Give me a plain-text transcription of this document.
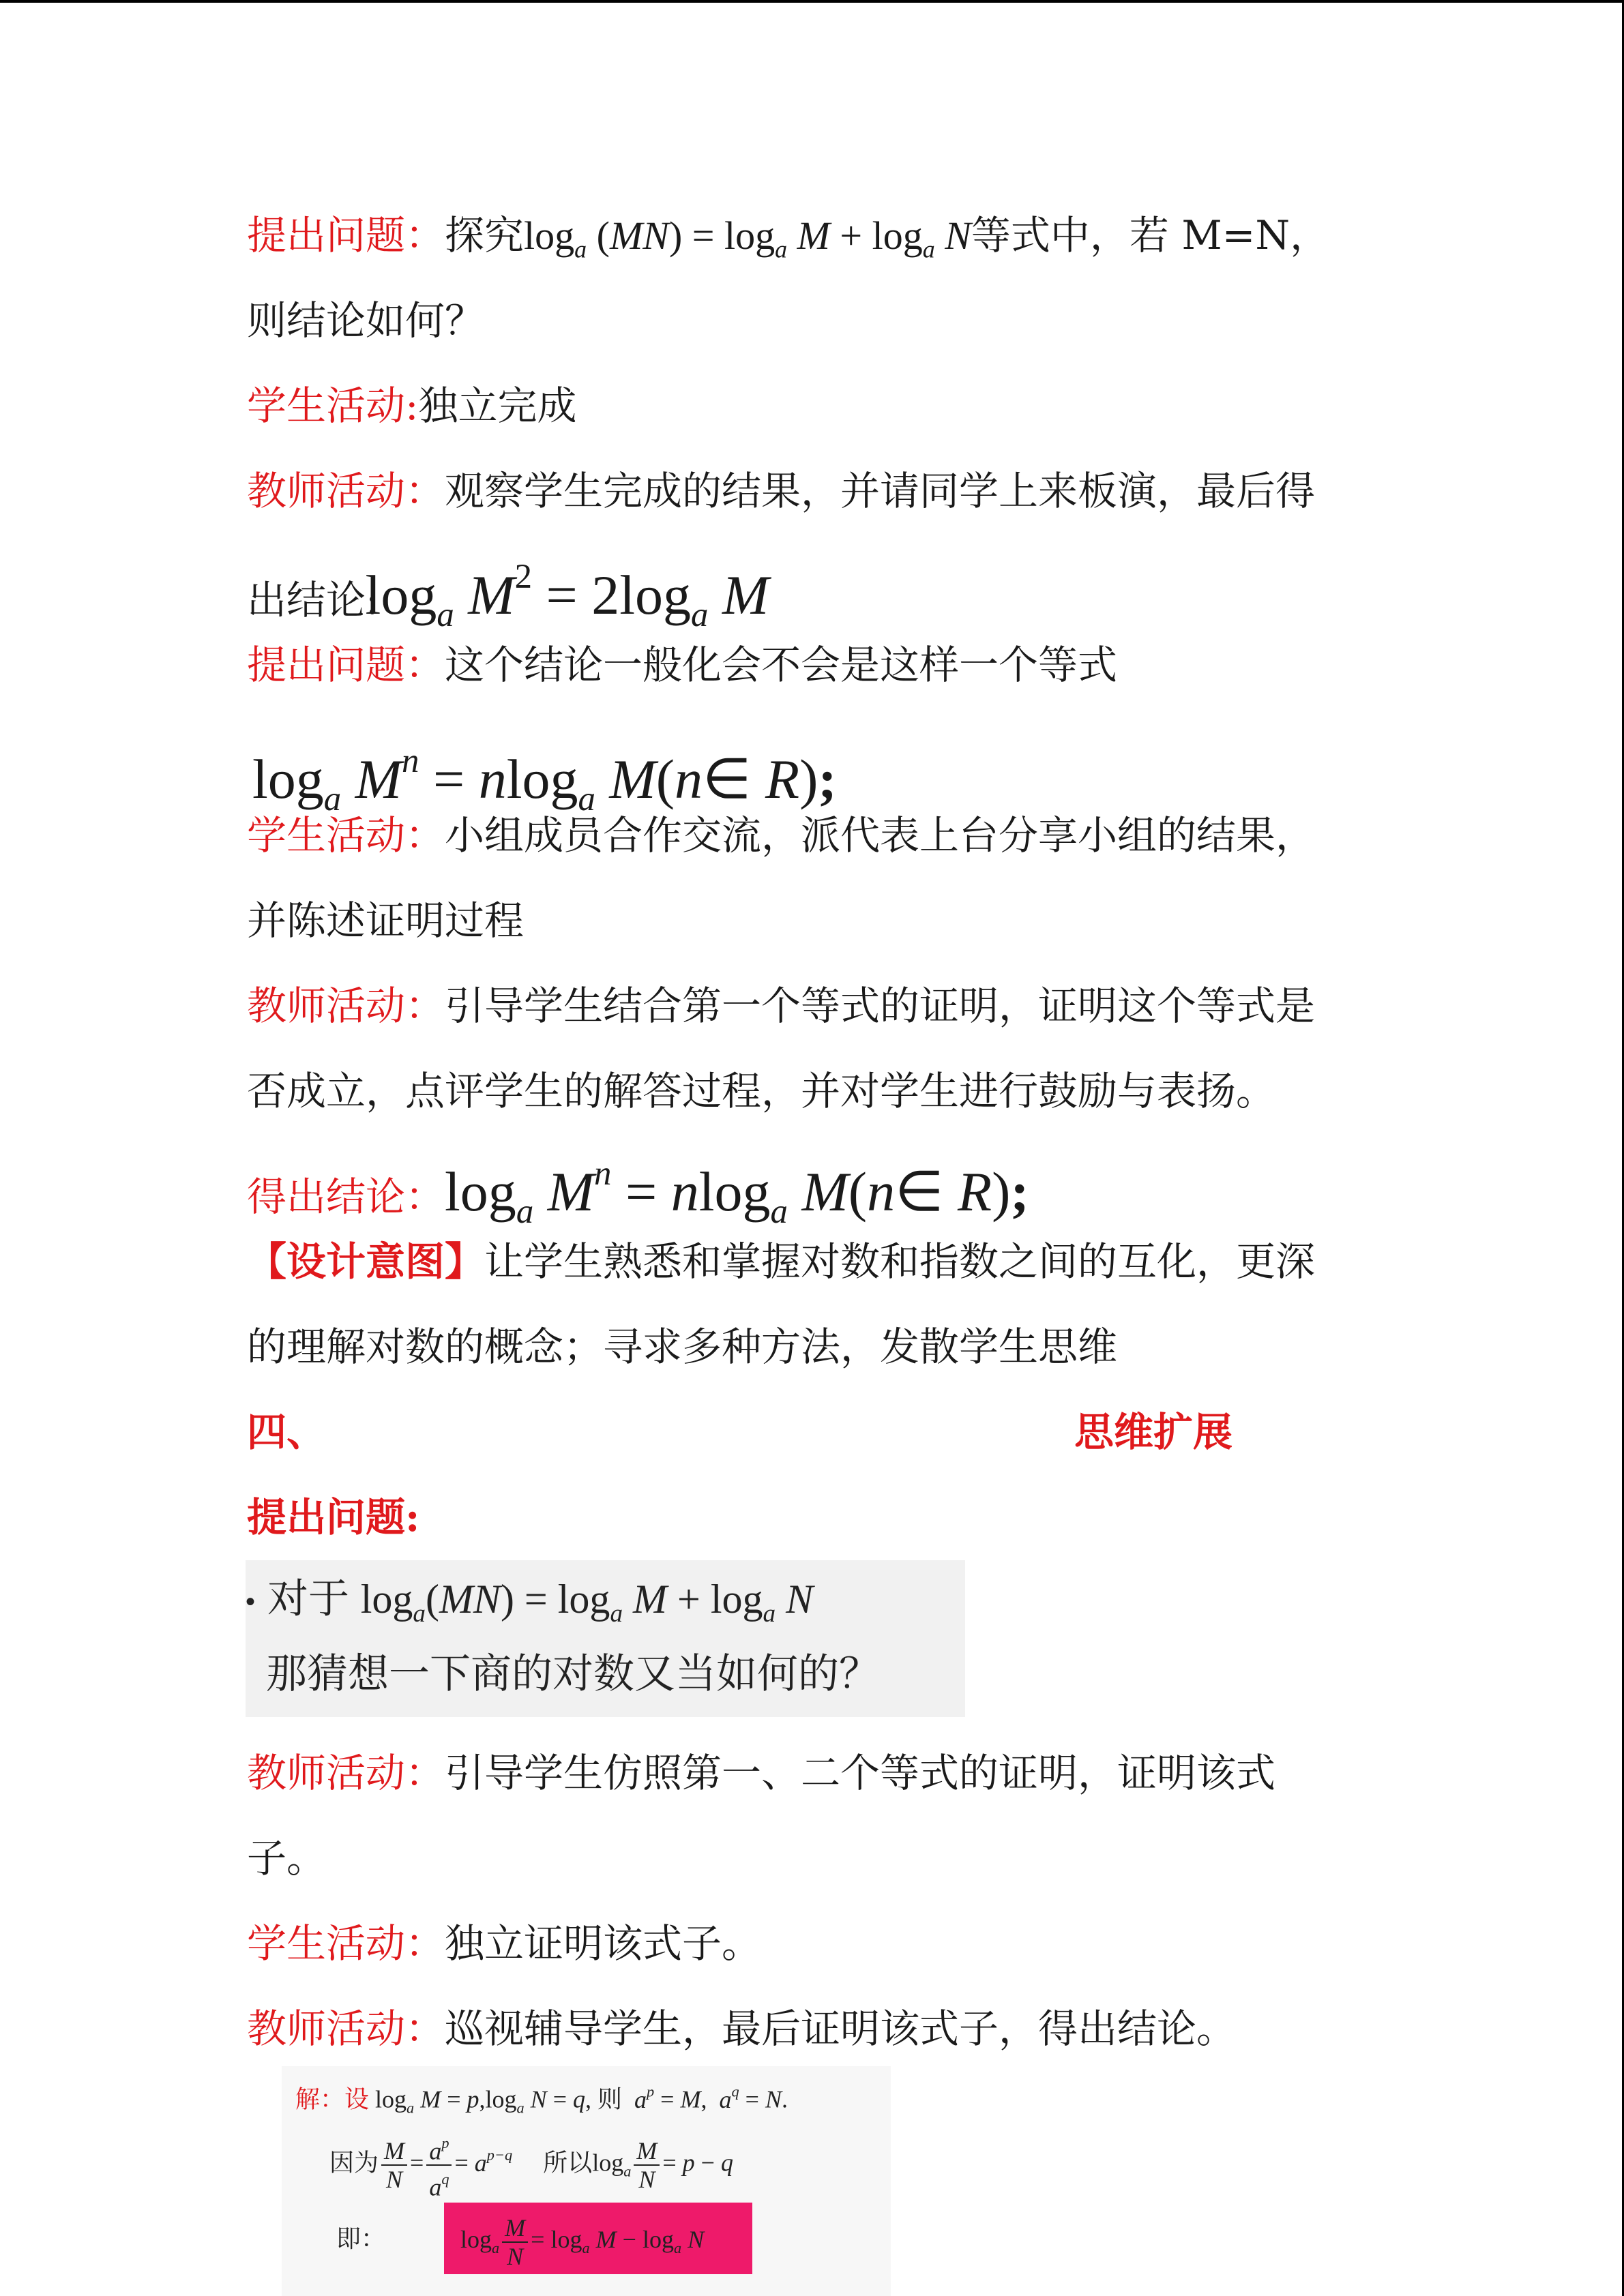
提出问题：探究$\log_a (MN) = \log_a M + \log_a N$等式中，若 M=N，
则结论如何？
学生活动:独立完成
教师活动：观察学生完成的结果，并请同学上来板演，最后得
出结论$:\log_a$ $M^2 = 2\log_a$ M
提出问题：这个结论一般化会不会是这样一个等式
$\log_a M^n = nlog_a$ M(n∈ R);
学生活动：小组成员合作交流，派代表上台分享小组的结果，
并陈述证明过程
教师活动：引导学生结合第一个等式的证明，证明这个等式是
否成立，点评学生的解答过程，并对学生进行鼓励与表扬。
得出结论：$\log_a M^n = nlog_a$ M(n∈ R);
【设计意图】让学生熟悉和掌握对数和指数之间的互化，更深
的理解对数的概念；寻求多种方法，发散学生思维
四、	思维扩展
提出问题:
• 对于 $\log_a(MN) = \log_a M + \log_a N$
那猜想一下商的对数又当如何的？
教师活动：引导学生仿照第一、二个等式的证明，证明该式
子。
学生活动：独立证明该式子。
教师活动：巡视辅导学生，最后证明该式子，得出结论。
解：设 $\log_a M = p,\log_a$ N = q, 则  $a^p = M$,  $a^q = N$.
因为 $\frac{M}{N} = \frac{a^p}{a^q} = a^{p-q}$ 所以$\log_a \frac{M}{N} = p - q$
即：	$\log_a \frac{M}{N} = \log_a M - \log_a N$
